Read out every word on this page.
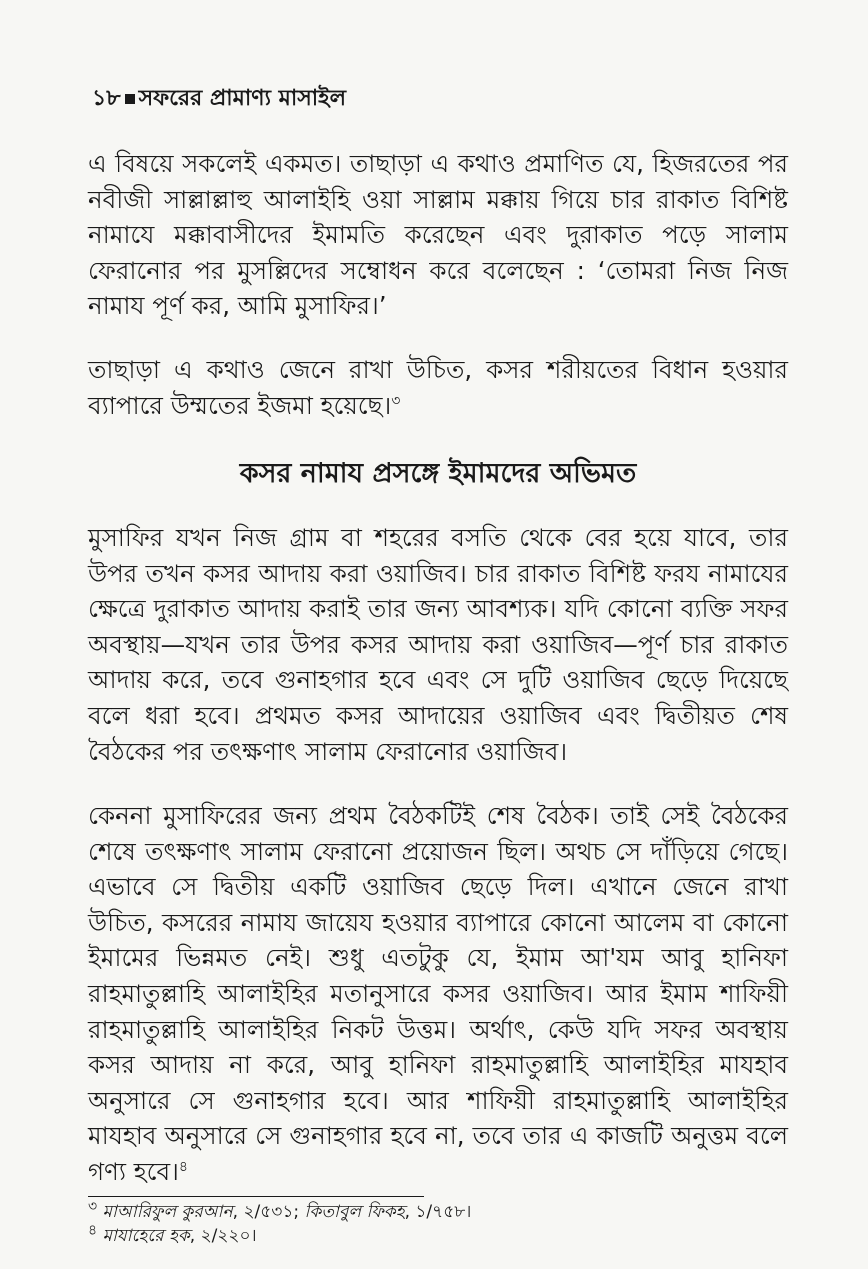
১৮ সফরের প্রামাণ্য মাসাইল

এ বিষয়ে সকলেই একমত। তাছাড়া এ কথাও প্রমাণিত যে, হিজরতের পর নবীজী সাল্লাল্লাহু আলাইহি ওয়া সাল্লাম মক্কায় গিয়ে চার রাকাত বিশিষ্ট নামাযে মক্কাবাসীদের ইমামতি করেছেন এবং দুরাকাত পড়ে সালাম ফেরানোর পর মুসল্লিদের সম্বোধন করে বলেছেন : ‘তোমরা নিজ নিজ নামায পূর্ণ কর, আমি মুসাফির।’

তাছাড়া এ কথাও জেনে রাখা উচিত, কসর শরীয়তের বিধান হওয়ার ব্যাপারে উম্মতের ইজমা হয়েছে।$^৩$

কসর নামায প্রসঙ্গে ইমামদের অভিমত

মুসাফির যখন নিজ গ্রাম বা শহরের বসতি থেকে বের হয়ে যাবে, তার উপর তখন কসর আদায় করা ওয়াজিব। চার রাকাত বিশিষ্ট ফরয নামাযের ক্ষেত্রে দুরাকাত আদায় করাই তার জন্য আবশ্যক। যদি কোনো ব্যক্তি সফর অবস্থায়—যখন তার উপর কসর আদায় করা ওয়াজিব—পূর্ণ চার রাকাত আদায় করে, তবে গুনাহগার হবে এবং সে দুটি ওয়াজিব ছেড়ে দিয়েছে বলে ধরা হবে। প্রথমত কসর আদায়ের ওয়াজিব এবং দ্বিতীয়ত শেষ বৈঠকের পর তৎক্ষণাৎ সালাম ফেরানোর ওয়াজিব।

কেননা মুসাফিরের জন্য প্রথম বৈঠকটিই শেষ বৈঠক। তাই সেই বৈঠকের শেষে তৎক্ষণাৎ সালাম ফেরানো প্রয়োজন ছিল। অথচ সে দাঁড়িয়ে গেছে। এভাবে সে দ্বিতীয় একটি ওয়াজিব ছেড়ে দিল। এখানে জেনে রাখা উচিত, কসরের নামায জায়েয হওয়ার ব্যাপারে কোনো আলেম বা কোনো ইমামের ভিন্নমত নেই। শুধু এতটুকু যে, ইমাম আ'যম আবু হানিফা রাহমাতুল্লাহি আলাইহির মতানুসারে কসর ওয়াজিব। আর ইমাম শাফিয়ী রাহমাতুল্লাহি আলাইহির নিকট উত্তম। অর্থাৎ, কেউ যদি সফর অবস্থায় কসর আদায় না করে, আবু হানিফা রাহমাতুল্লাহি আলাইহির মাযহাব অনুসারে সে গুনাহগার হবে। আর শাফিয়ী রাহমাতুল্লাহি আলাইহির মাযহাব অনুসারে সে গুনাহগার হবে না, তবে তার এ কাজটি অনুত্তম বলে গণ্য হবে।$^৪$

$^৩$ মাআরিফুল কুরআন, ২/৫৩১; কিতাবুল ফিকহ, ১/৭৫৮।

$^৪$ মাযাহেরে হক, ২/২২০।
